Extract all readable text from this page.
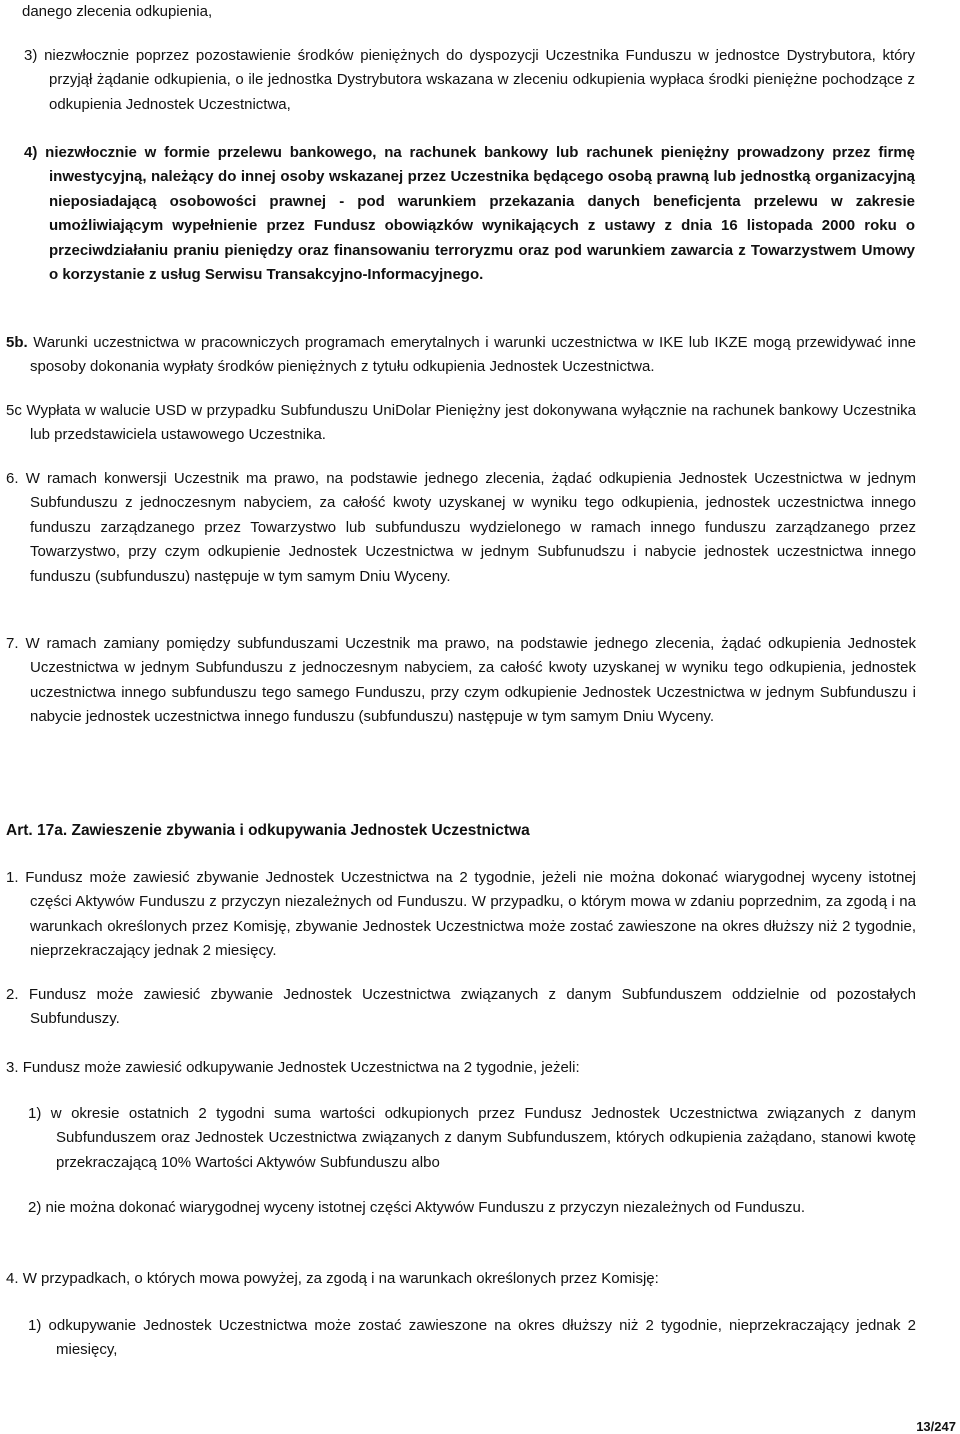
danego zlecenia odkupienia,

3) niezwłocznie poprzez pozostawienie środków pieniężnych do dyspozycji Uczestnika Funduszu w jednostce Dystrybutora, który przyjął żądanie odkupienia, o ile jednostka Dystrybutora wskazana w zleceniu odkupienia wypłaca środki pieniężne pochodzące z odkupienia Jednostek Uczestnictwa,
4) niezwłocznie w formie przelewu bankowego, na rachunek bankowy lub rachunek pieniężny prowadzony przez firmę inwestycyjną, należący do innej osoby wskazanej przez Uczestnika będącego osobą prawną lub jednostką organizacyjną nieposiadającą osobowości prawnej - pod warunkiem przekazania danych beneficjenta przelewu w zakresie umożliwiającym wypełnienie przez Fundusz obowiązków wynikających z ustawy z dnia 16 listopada 2000 roku o przeciwdziałaniu praniu pieniędzy oraz finansowaniu terroryzmu oraz pod warunkiem zawarcia z Towarzystwem Umowy o korzystanie z usług Serwisu Transakcyjno-Informacyjnego.
5b. Warunki uczestnictwa w pracowniczych programach emerytalnych i warunki uczestnictwa w IKE lub IKZE mogą przewidywać inne sposoby dokonania wypłaty środków pieniężnych z tytułu odkupienia Jednostek Uczestnictwa.
5c Wypłata w walucie USD w przypadku Subfunduszu UniDolar Pieniężny jest dokonywana wyłącznie na rachunek bankowy Uczestnika lub przedstawiciela ustawowego Uczestnika.
6. W ramach konwersji Uczestnik ma prawo, na podstawie jednego zlecenia, żądać odkupienia Jednostek Uczestnictwa w jednym Subfunduszu z jednoczesnym nabyciem, za całość kwoty uzyskanej w wyniku tego odkupienia, jednostek uczestnictwa innego funduszu zarządzanego przez Towarzystwo lub subfunduszu wydzielonego w ramach innego funduszu zarządzanego przez Towarzystwo, przy czym odkupienie Jednostek Uczestnictwa w jednym Subfunudszu i nabycie jednostek uczestnictwa innego funduszu (subfunduszu) następuje w tym samym Dniu Wyceny.
7. W ramach zamiany pomiędzy subfunduszami Uczestnik ma prawo, na podstawie jednego zlecenia, żądać odkupienia Jednostek Uczestnictwa w jednym Subfunduszu z jednoczesnym nabyciem, za całość kwoty uzyskanej w wyniku tego odkupienia, jednostek uczestnictwa innego subfunduszu tego samego Funduszu, przy czym odkupienie Jednostek Uczestnictwa w jednym Subfunduszu i nabycie jednostek uczestnictwa innego funduszu (subfunduszu) następuje w tym samym Dniu Wyceny.

Art. 17a. Zawieszenie zbywania i odkupywania Jednostek Uczestnictwa

1. Fundusz może zawiesić zbywanie Jednostek Uczestnictwa na 2 tygodnie, jeżeli nie można dokonać wiarygodnej wyceny istotnej części Aktywów Funduszu z przyczyn niezależnych od Funduszu. W przypadku, o którym mowa w zdaniu poprzednim, za zgodą i na warunkach określonych przez Komisję, zbywanie Jednostek Uczestnictwa może zostać zawieszone na okres dłuższy niż 2 tygodnie, nieprzekraczający jednak 2 miesięcy.
2. Fundusz może zawiesić zbywanie Jednostek Uczestnictwa związanych z danym Subfunduszem oddzielnie od pozostałych Subfunduszy.
3. Fundusz może zawiesić odkupywanie Jednostek Uczestnictwa na 2 tygodnie, jeżeli:
1) w okresie ostatnich 2 tygodni suma wartości odkupionych przez Fundusz Jednostek Uczestnictwa związanych z danym Subfunduszem oraz Jednostek Uczestnictwa związanych z danym Subfunduszem, których odkupienia zażądano, stanowi kwotę przekraczającą 10% Wartości Aktywów Subfunduszu albo
2) nie można dokonać wiarygodnej wyceny istotnej części Aktywów Funduszu z przyczyn niezależnych od Funduszu.
4. W przypadkach, o których mowa powyżej, za zgodą i na warunkach określonych przez Komisję:
1) odkupywanie Jednostek Uczestnictwa może zostać zawieszone na okres dłuższy niż 2 tygodnie, nieprzekraczający jednak 2 miesięcy,
13/247
